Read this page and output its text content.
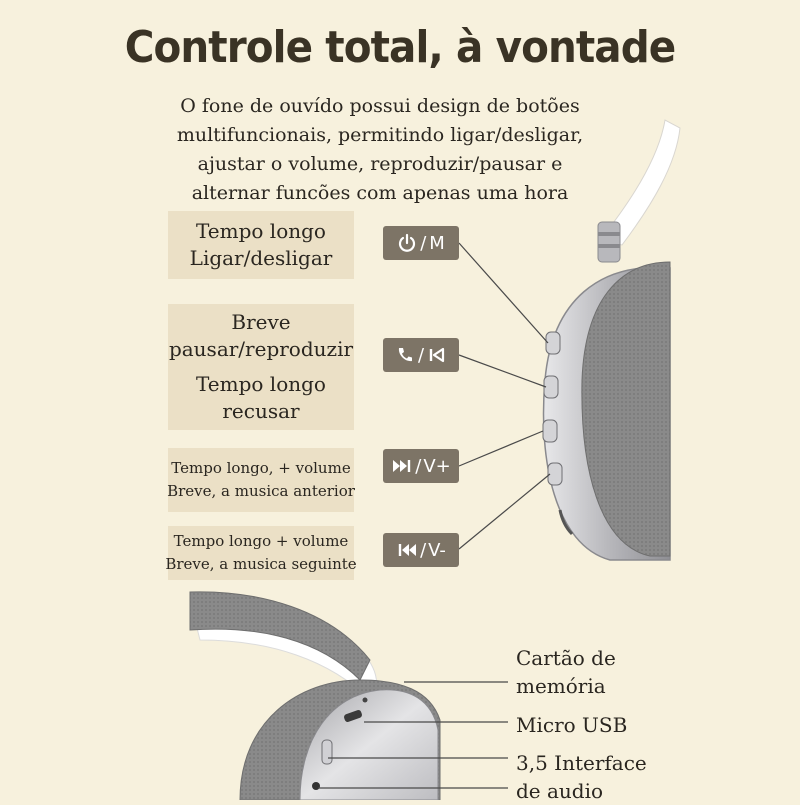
Controle total, à vontade
O fone de ouvído possui design de botões
multifuncionais, permitindo ligar/desligar,
ajustar o volume, reproduzir/pausar e
alternar funcões com apenas uma hora
Tempo longo
Ligar/desligar
Breve
pausar/reproduzir
Tempo longo
recusar
Tempo longo, + volume
Breve, a musica anterior
Tempo longo + volume
Breve, a musica seguinte
/ M
/
/ V+
/ V-
Cartão de
memória
Micro USB
3,5 Interface
de audio
